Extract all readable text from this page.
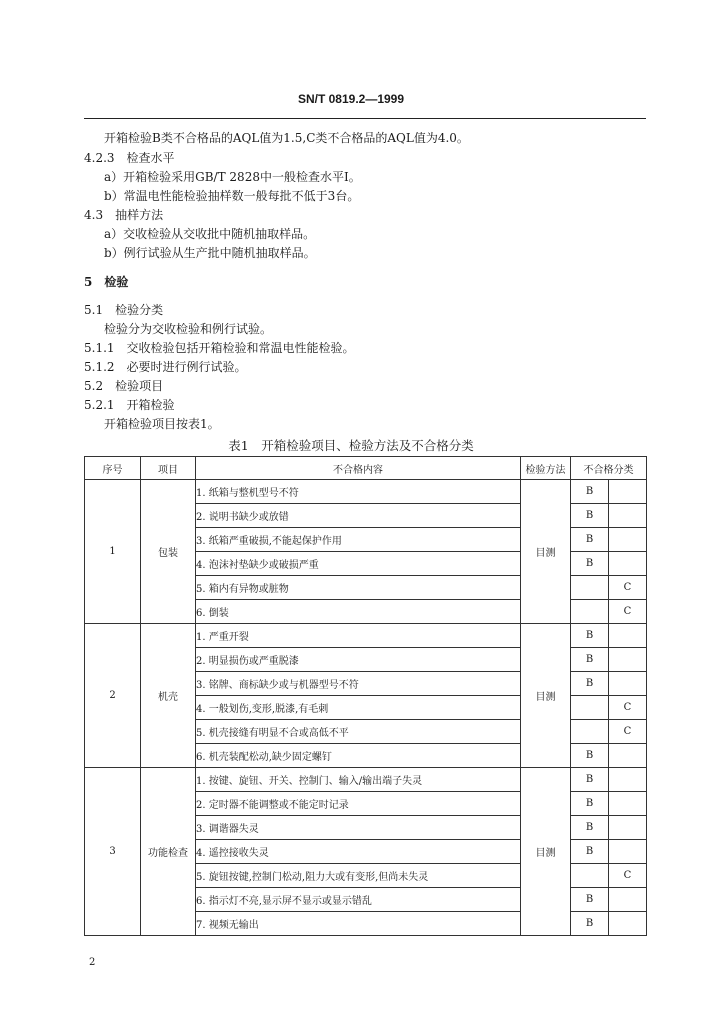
SN/T 0819.2—1999
开箱检验B类不合格品的AQL值为1.5,C类不合格品的AQL值为4.0。
4.2.3　检查水平
a）开箱检验采用GB/T 2828中一般检查水平Ⅰ。
b）常温电性能检验抽样数一般每批不低于3台。
4.3　抽样方法
a）交收检验从交收批中随机抽取样品。
b）例行试验从生产批中随机抽取样品。
5　检验
5.1　检验分类
检验分为交收检验和例行试验。
5.1.1　交收检验包括开箱检验和常温电性能检验。
5.1.2　必要时进行例行试验。
5.2　检验项目
5.2.1　开箱检验
开箱检验项目按表1。
表1　开箱检验项目、检验方法及不合格分类
序号	项目	不合格内容	检验方法	不合格分类	
1	包装	1. 纸箱与整机型号不符	目测	B	
		2. 说明书缺少或放错		B	
		3. 纸箱严重破损,不能起保护作用		B	
		4. 泡沫衬垫缺少或破损严重		B	
		5. 箱内有异物或脏物			C
		6. 倒装			C
2	机壳	1. 严重开裂	目测	B	
		2. 明显损伤或严重脱漆		B	
		3. 铭牌、商标缺少或与机器型号不符		B	
		4. 一般划伤,变形,脱漆,有毛刺			C
		5. 机壳接缝有明显不合或高低不平			C
		6. 机壳装配松动,缺少固定螺钉		B	
3	功能检查	1. 按键、旋钮、开关、控制门、输入/输出端子失灵	目测	B	
		2. 定时器不能调整或不能定时记录		B	
		3. 调谐器失灵		B	
		4. 遥控接收失灵		B	
		5. 旋钮按键,控制门松动,阻力大或有变形,但尚未失灵			C
		6. 指示灯不亮,显示屏不显示或显示错乱		B	
		7. 视频无输出		B	
2
